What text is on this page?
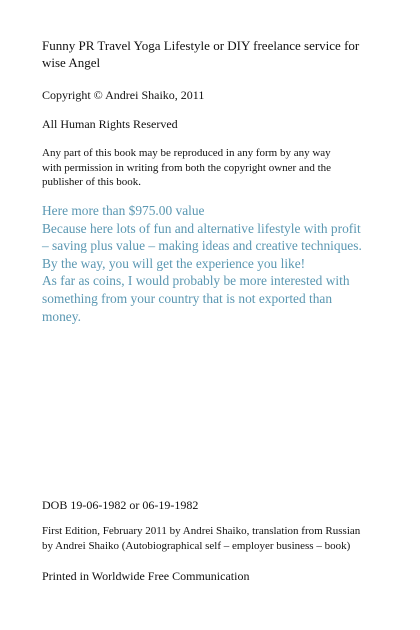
Funny PR Travel Yoga Lifestyle or DIY freelance service for
wise Angel

Copyright © Andrei Shaiko, 2011

All Human Rights Reserved

Any part of this book may be reproduced in any form by any way
with permission in writing from both the copyright owner and the
publisher of this book.

Here more than $975.00 value
Because here lots of fun and alternative lifestyle with profit
– saving plus value – making ideas and creative techniques.
By the way, you will get the experience you like!
As far as coins, I would probably be more interested with
something from your country that is not exported than
money.

DOB 19-06-1982 or 06-19-1982

First Edition, February 2011 by Andrei Shaiko, translation from Russian
by Andrei Shaiko (Autobiographical self – employer business – book)

Printed in Worldwide Free Communication
